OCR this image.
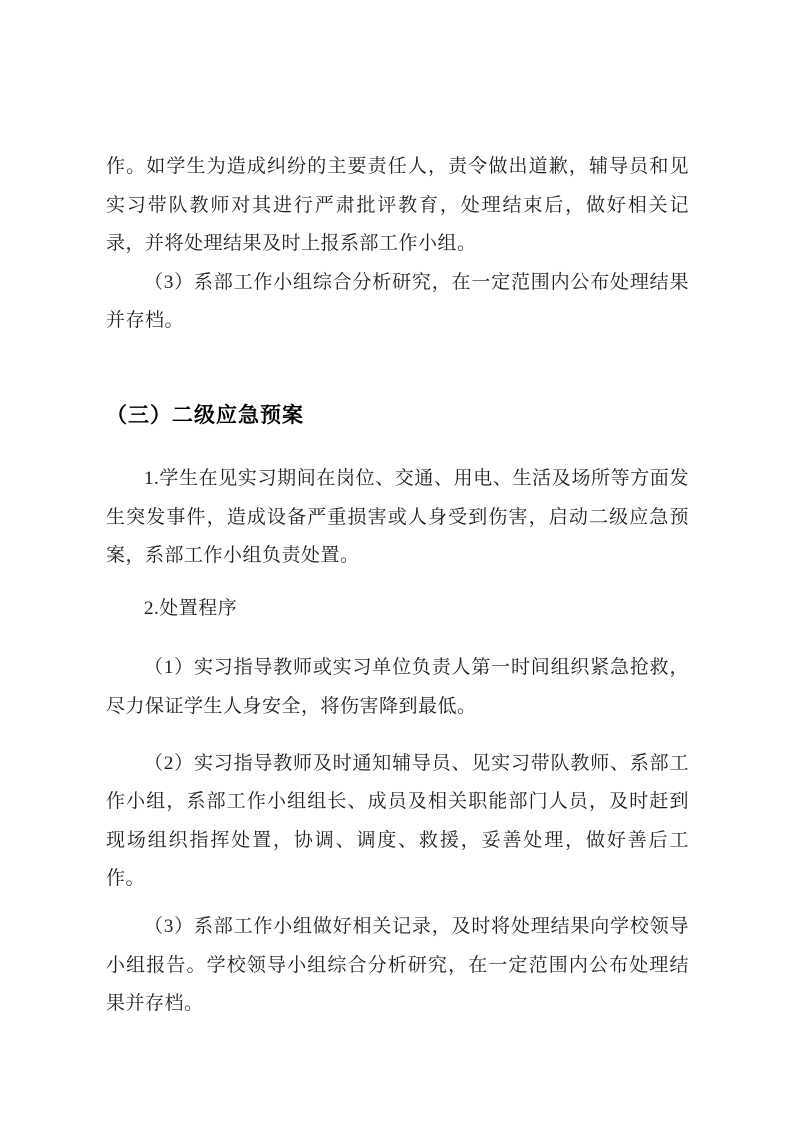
作。如学生为造成纠纷的主要责任人，责令做出道歉，辅导员和见实习带队教师对其进行严肃批评教育，处理结束后，做好相关记录，并将处理结果及时上报系部工作小组。

（3）系部工作小组综合分析研究，在一定范围内公布处理结果并存档。

（三）二级应急预案

1.学生在见实习期间在岗位、交通、用电、生活及场所等方面发生突发事件，造成设备严重损害或人身受到伤害，启动二级应急预案，系部工作小组负责处置。

2.处置程序

（1）实习指导教师或实习单位负责人第一时间组织紧急抢救，尽力保证学生人身安全，将伤害降到最低。

（2）实习指导教师及时通知辅导员、见实习带队教师、系部工作小组，系部工作小组组长、成员及相关职能部门人员，及时赶到现场组织指挥处置，协调、调度、救援，妥善处理，做好善后工作。

（3）系部工作小组做好相关记录，及时将处理结果向学校领导小组报告。学校领导小组综合分析研究，在一定范围内公布处理结果并存档。
